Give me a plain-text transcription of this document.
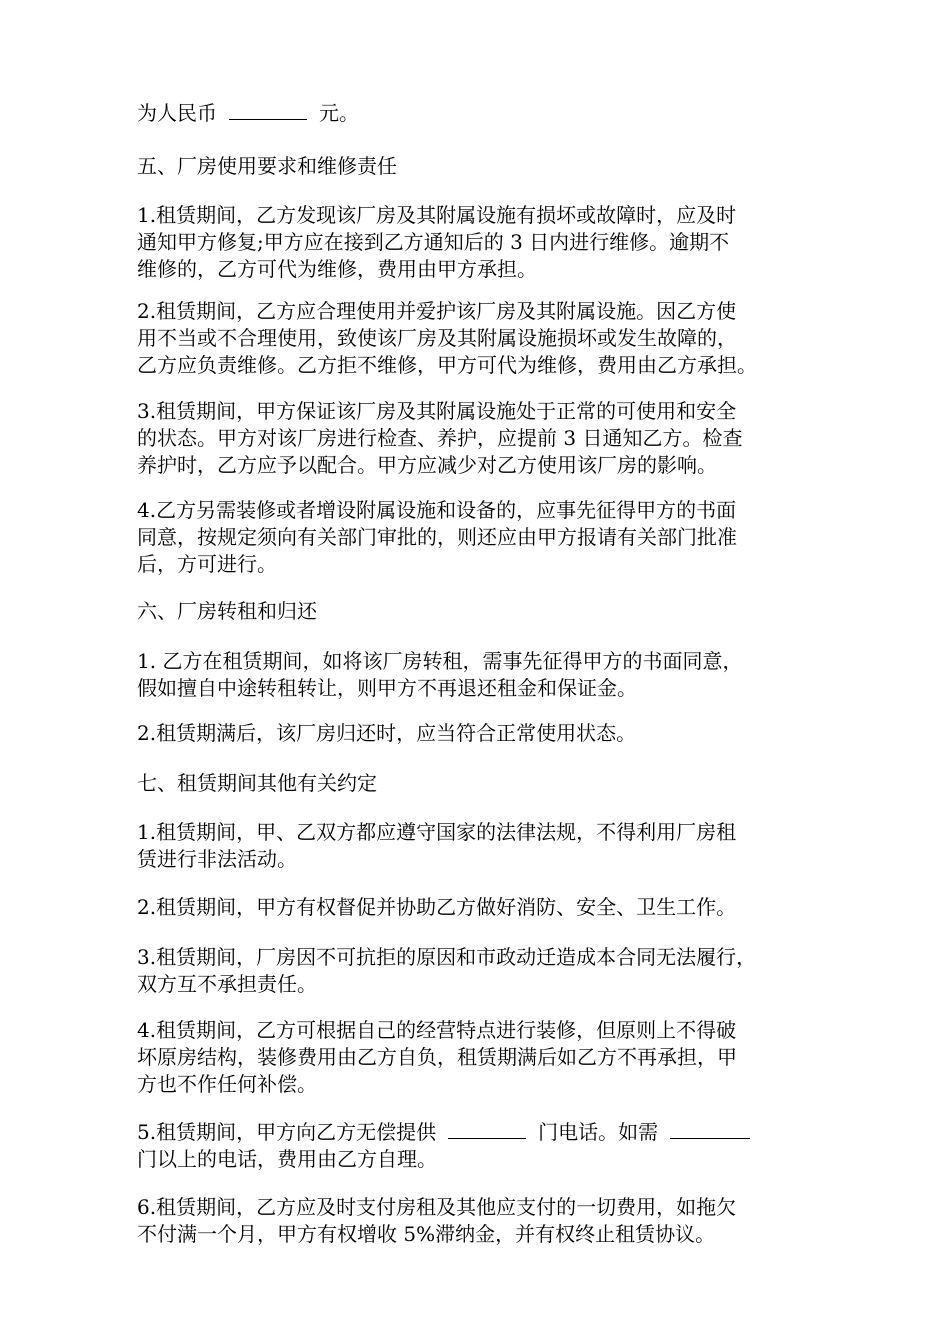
为人民币	元。

五、厂房使用要求和维修责任

1.租赁期间，乙方发现该厂房及其附属设施有损坏或故障时，应及时
通知甲方修复;甲方应在接到乙方通知后的 3 日内进行维修。逾期不
维修的，乙方可代为维修，费用由甲方承担。

2.租赁期间，乙方应合理使用并爱护该厂房及其附属设施。因乙方使
用不当或不合理使用，致使该厂房及其附属设施损坏或发生故障的，
乙方应负责维修。乙方拒不维修，甲方可代为维修，费用由乙方承担。

3.租赁期间，甲方保证该厂房及其附属设施处于正常的可使用和安全
的状态。甲方对该厂房进行检查、养护，应提前 3 日通知乙方。检查
养护时，乙方应予以配合。甲方应减少对乙方使用该厂房的影响。

4.乙方另需装修或者增设附属设施和设备的，应事先征得甲方的书面
同意，按规定须向有关部门审批的，则还应由甲方报请有关部门批准
后，方可进行。

六、厂房转租和归还

1. 乙方在租赁期间，如将该厂房转租，需事先征得甲方的书面同意，
假如擅自中途转租转让，则甲方不再退还租金和保证金。

2.租赁期满后，该厂房归还时，应当符合正常使用状态。

七、租赁期间其他有关约定

1.租赁期间，甲、乙双方都应遵守国家的法律法规，不得利用厂房租
赁进行非法活动。

2.租赁期间，甲方有权督促并协助乙方做好消防、安全、卫生工作。

3.租赁期间，厂房因不可抗拒的原因和市政动迁造成本合同无法履行，
双方互不承担责任。

4.租赁期间，乙方可根据自己的经营特点进行装修，但原则上不得破
坏原房结构，装修费用由乙方自负，租赁期满后如乙方不再承担，甲
方也不作任何补偿。

5.租赁期间，甲方向乙方无偿提供	门电话。如需
门以上的电话，费用由乙方自理。

6.租赁期间，乙方应及时支付房租及其他应支付的一切费用，如拖欠
不付满一个月，甲方有权增收 5%滞纳金，并有权终止租赁协议。
